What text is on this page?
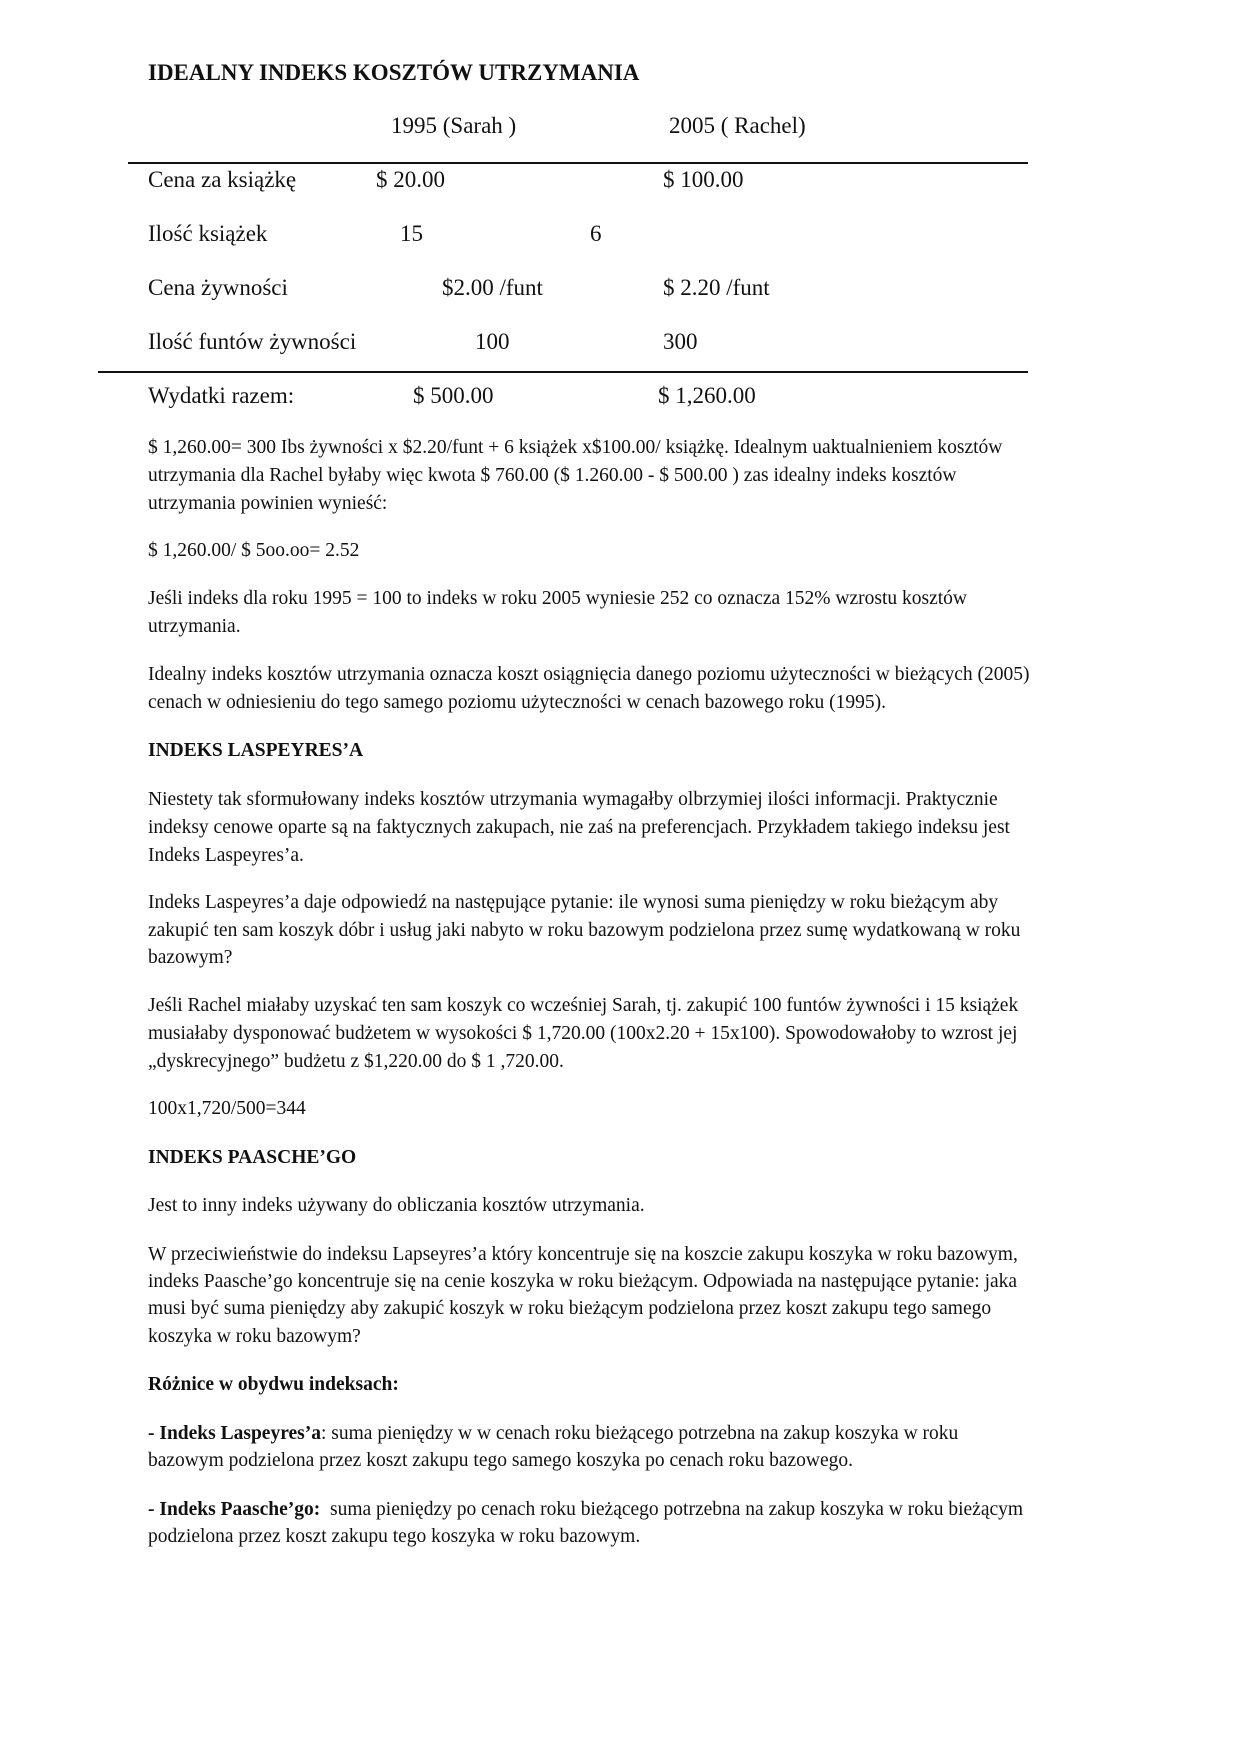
IDEALNY INDEKS KOSZTÓW UTRZYMANIA
1995 (Sarah )	2005 ( Rachel)
Cena za książkę	$ 20.00	$ 100.00
Ilość książek	15	6
Cena żywności	$2.00 /funt	$ 2.20 /funt
Ilość funtów żywności	100	300
Wydatki razem:	$ 500.00	$ 1,260.00
$ 1,260.00= 300 Ibs żywności x $2.20/funt + 6 książek x$100.00/ książkę. Idealnym uaktualnieniem kosztów
utrzymania dla Rachel byłaby więc kwota $ 760.00 ($ 1.260.00 - $ 500.00 ) zas idealny indeks kosztów
utrzymania powinien wynieść:
$ 1,260.00/ $ 5oo.oo= 2.52
Jeśli indeks dla roku 1995 = 100 to indeks w roku 2005 wyniesie 252 co oznacza 152% wzrostu kosztów
utrzymania.
Idealny indeks kosztów utrzymania oznacza koszt osiągnięcia danego poziomu użyteczności w bieżących (2005)
cenach w odniesieniu do tego samego poziomu użyteczności w cenach bazowego roku (1995).
INDEKS LASPEYRES’A
Niestety tak sformułowany indeks kosztów utrzymania wymagałby olbrzymiej ilości informacji. Praktycznie
indeksy cenowe oparte są na faktycznych zakupach, nie zaś na preferencjach. Przykładem takiego indeksu jest
Indeks Laspeyres’a.
Indeks Laspeyres’a daje odpowiedź na następujące pytanie: ile wynosi suma pieniędzy w roku bieżącym aby
zakupić ten sam koszyk dóbr i usług jaki nabyto w roku bazowym podzielona przez sumę wydatkowaną w roku
bazowym?
Jeśli Rachel miałaby uzyskać ten sam koszyk co wcześniej Sarah, tj. zakupić 100 funtów żywności i 15 książek
musiałaby dysponować budżetem w wysokości $ 1,720.00 (100x2.20 + 15x100). Spowodowałoby to wzrost jej
„dyskrecyjnego” budżetu z $1,220.00 do $ 1 ,720.00.
100x1,720/500=344
INDEKS PAASCHE’GO
Jest to inny indeks używany do obliczania kosztów utrzymania.
W przeciwieństwie do indeksu Lapseyres’a który koncentruje się na koszcie zakupu koszyka w roku bazowym,
indeks Paasche’go koncentruje się na cenie koszyka w roku bieżącym. Odpowiada na następujące pytanie: jaka
musi być suma pieniędzy aby zakupić koszyk w roku bieżącym podzielona przez koszt zakupu tego samego
koszyka w roku bazowym?
Różnice w obydwu indeksach:
- Indeks Laspeyres’a: suma pieniędzy w w cenach roku bieżącego potrzebna na zakup koszyka w roku
bazowym podzielona przez koszt zakupu tego samego koszyka po cenach roku bazowego.
- Indeks Paasche’go:  suma pieniędzy po cenach roku bieżącego potrzebna na zakup koszyka w roku bieżącym
podzielona przez koszt zakupu tego koszyka w roku bazowym.
